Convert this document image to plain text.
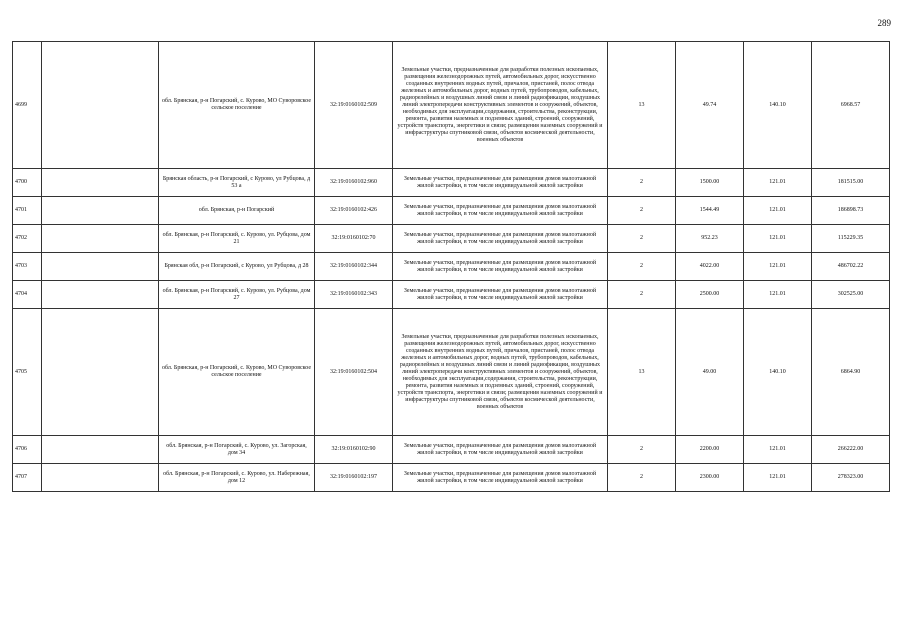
289
4699		обл. Брянская, р-н Погарский, с. Курово, МО Суворовское сельское поселение	32:19:0160102:509	Земельные участки, предназначенные для разработки полезных ископаемых, размещения железнодорожных путей, автомобильных дорог, искусственно созданных внутренних водных путей, причалов, пристаней, полос отвода железных и автомобильных дорог, водных путей, трубопроводов, кабельных, радиорелейных и воздушных линий связи и линий радиофикации, воздушных линий электропередачи конструктивных элементов и сооружений, объектов, необходимых для эксплуатации,содержания, строительства, реконструкции, ремонта, развития наземных и подземных зданий, строений, сооружений, устройств транспорта, энергетики и связи; размещения наземных сооружений и инфраструктуры спутниковой связи, объектов космической деятельности, военных объектов	13	49.74	140.10	6968.57
4700		Брянская область, р-н Погарский, с Курово, ул Рубцова, д 53 а	32:19:0160102:960	Земельные участки, предназначенные для размещения домов малоэтажной жилой застройки, в том числе индивидуальной жилой застройки	2	1500.00	121.01	181515.00
4701		обл. Брянская, р-н Погарский	32:19:0160102:426	Земельные участки, предназначенные для размещения домов малоэтажной жилой застройки, в том числе индивидуальной жилой застройки	2	1544.49	121.01	186898.73
4702		обл. Брянская, р-н Погарский, с. Курово, ул. Рубцова, дом 21	32:19:0160102:70	Земельные участки, предназначенные для размещения домов малоэтажной жилой застройки, в том числе индивидуальной жилой застройки	2	952.23	121.01	115229.35
4703		Брянская обл, р-н Погарский, с Курово, ул Рубцова, д 28	32:19:0160102:344	Земельные участки, предназначенные для размещения домов малоэтажной жилой застройки, в том числе индивидуальной жилой застройки	2	4022.00	121.01	486702.22
4704		обл. Брянская, р-н Погарский, с. Курово, ул. Рубцова, дом 27	32:19:0160102:343	Земельные участки, предназначенные для размещения домов малоэтажной жилой застройки, в том числе индивидуальной жилой застройки	2	2500.00	121.01	302525.00
4705		обл. Брянская, р-н Погарский, с. Курово, МО Суворовское сельское поселение	32:19:0160102:504	Земельные участки, предназначенные для разработки полезных ископаемых, размещения железнодорожных путей, автомобильных дорог, искусственно созданных внутренних водных путей, причалов, пристаней, полос отвода железных и автомобильных дорог, водных путей, трубопроводов, кабельных, радиорелейных и воздушных линий связи и линий радиофикации, воздушных линий электропередачи конструктивных элементов и сооружений, объектов, необходимых для эксплуатации,содержания, строительства, реконструкции, ремонта, развития наземных и подземных зданий, строений, сооружений, устройств транспорта, энергетики и связи; размещения наземных сооружений и инфраструктуры спутниковой связи, объектов космической деятельности, военных объектов	13	49.00	140.10	6864.90
4706		обл. Брянская, р-н Погарский, с. Курово, ул. Загорская, дом 34	32:19:0160102:90	Земельные участки, предназначенные для размещения домов малоэтажной жилой застройки, в том числе индивидуальной жилой застройки	2	2200.00	121.01	266222.00
4707		обл. Брянская, р-н Погарский, с. Курово, ул. Набережная, дом 12	32:19:0160102:197	Земельные участки, предназначенные для размещения домов малоэтажной жилой застройки, в том числе индивидуальной жилой застройки	2	2300.00	121.01	278323.00
